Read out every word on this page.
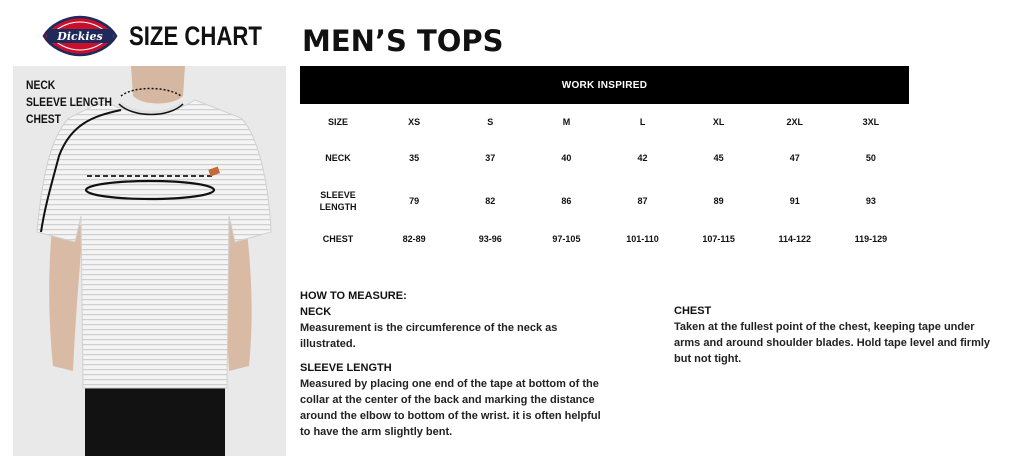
Dickies SIZE CHART MEN’S TOPS
NECK
SLEEVE LENGTH
CHEST
WORK INSPIRED
SIZE	XS	S	M	L	XL	2XL	3XL
NECK	35	37	40	42	45	47	50
SLEEVE
LENGTH	79	82	86	87	89	91	93
CHEST	82-89	93-96	97-105	101-110	107-115	114-122	119-129
HOW TO MEASURE:
NECK
Measurement is the circumference of the neck as
illustrated.
SLEEVE LENGTH
Measured by placing one end of the tape at bottom of the
collar at the center of the back and marking the distance
around the elbow to bottom of the wrist. it is often helpful
to have the arm slightly bent.
CHEST
Taken at the fullest point of the chest, keeping tape under
arms and around shoulder blades. Hold tape level and firmly
but not tight.
